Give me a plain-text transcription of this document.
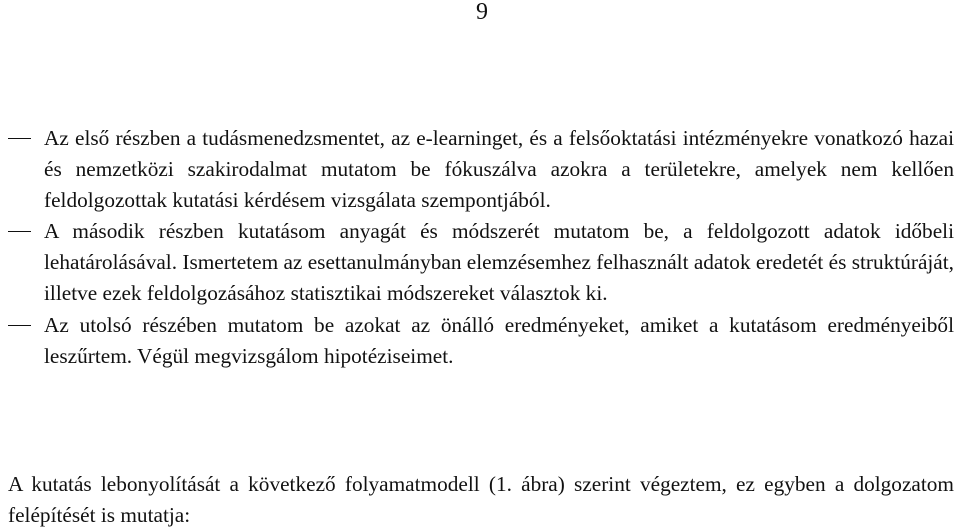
9
Az első részben a tudásmenedzsmentet, az e-learninget, és a felsőoktatási intézményekre vonatkozó hazai és nemzetközi szakirodalmat mutatom be fókuszálva azokra a területekre, amelyek nem kellően feldolgozottak kutatási kérdésem vizsgálata szempontjából.
A második részben kutatásom anyagát és módszerét mutatom be, a feldolgozott adatok időbeli lehatárolásával. Ismertetem az esettanulmányban elemzésemhez felhasznált adatok eredetét és struktúráját, illetve ezek feldolgozásához statisztikai módszereket választok ki.
Az utolsó részében mutatom be azokat az önálló eredményeket, amiket a kutatásom eredményeiből leszűrtem. Végül megvizsgálom hipotéziseimet.

A kutatás lebonyolítását a következő folyamatmodell (1. ábra) szerint végeztem, ez egyben a dolgozatom felépítését is mutatja:
